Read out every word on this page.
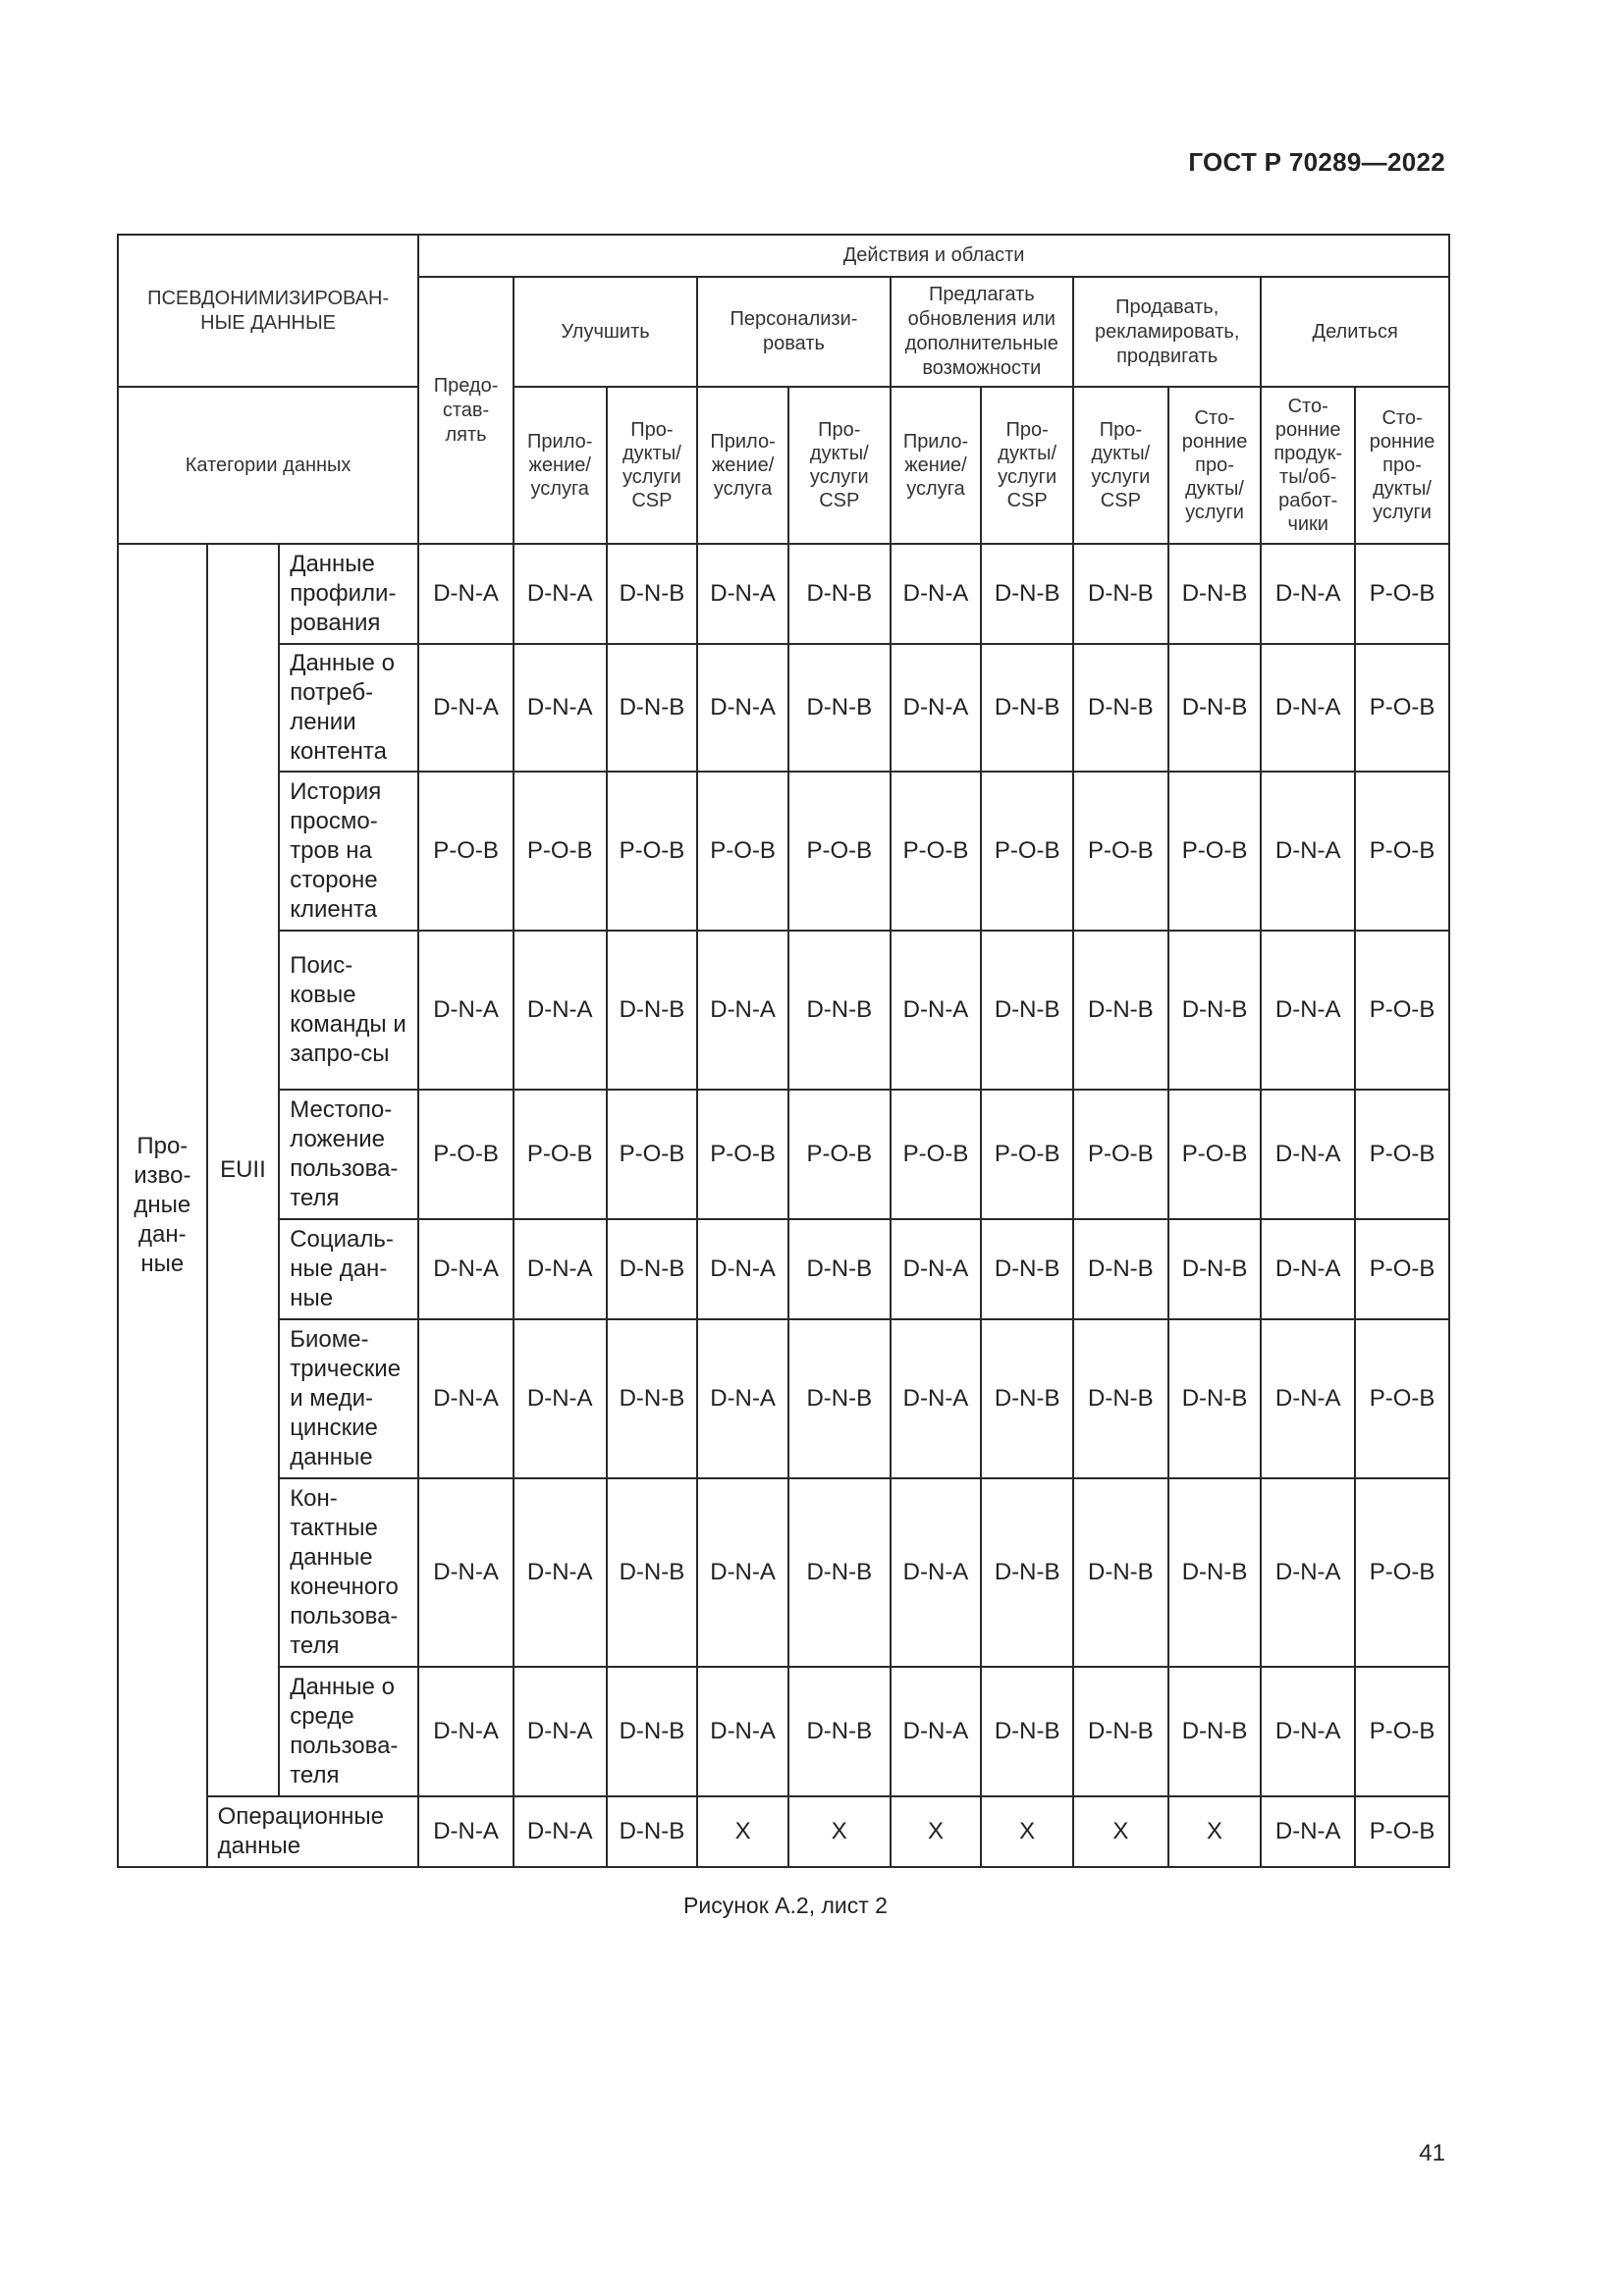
ГОСТ Р 70289—2022
ПСЕВДОНИМИЗИРОВАН-НЫЕ ДАННЫЕ			Действия и области										
			Предо-став-лять	Улучшить		Персонализи-ровать		Предлагать обновления или дополнительные возможности		Продавать, рекламировать, продвигать		Делиться	
Категории данных				Прило-жение/ услуга	Про-дукты/ услуги CSP	Прило-жение/ услуга	Про-дукты/ услуги CSP	Прило-жение/ услуга	Про-дукты/ услуги CSP	Про-дукты/ услуги CSP	Сто-ронние про-дукты/ услуги	Сто-ронние продук-ты/об-работ-чики	Сто-ронние про-дукты/ услуги
Про-изво-дные дан-ные	EUII	Данные профили-рования	D-N-A	D-N-A	D-N-B	D-N-A	D-N-B	D-N-A	D-N-B	D-N-B	D-N-B	D-N-A	P-O-B
		Данные о потреб-лении контента	D-N-A	D-N-A	D-N-B	D-N-A	D-N-B	D-N-A	D-N-B	D-N-B	D-N-B	D-N-A	P-O-B
		История просмо-тров на стороне клиента	P-O-B	P-O-B	P-O-B	P-O-B	P-O-B	P-O-B	P-O-B	P-O-B	P-O-B	D-N-A	P-O-B
		Поис-ковые команды и запро-сы	D-N-A	D-N-A	D-N-B	D-N-A	D-N-B	D-N-A	D-N-B	D-N-B	D-N-B	D-N-A	P-O-B
		Местопо-ложение пользова-теля	P-O-B	P-O-B	P-O-B	P-O-B	P-O-B	P-O-B	P-O-B	P-O-B	P-O-B	D-N-A	P-O-B
		Социаль-ные дан-ные	D-N-A	D-N-A	D-N-B	D-N-A	D-N-B	D-N-A	D-N-B	D-N-B	D-N-B	D-N-A	P-O-B
		Биоме-трические и меди-цинские данные	D-N-A	D-N-A	D-N-B	D-N-A	D-N-B	D-N-A	D-N-B	D-N-B	D-N-B	D-N-A	P-O-B
		Кон-тактные данные конечного пользова-теля	D-N-A	D-N-A	D-N-B	D-N-A	D-N-B	D-N-A	D-N-B	D-N-B	D-N-B	D-N-A	P-O-B
		Данные о среде пользова-теля	D-N-A	D-N-A	D-N-B	D-N-A	D-N-B	D-N-A	D-N-B	D-N-B	D-N-B	D-N-A	P-O-B
	Операционные данные		D-N-A	D-N-A	D-N-B	X	X	X	X	X	X	D-N-A	P-O-B
Рисунок А.2, лист 2
41
